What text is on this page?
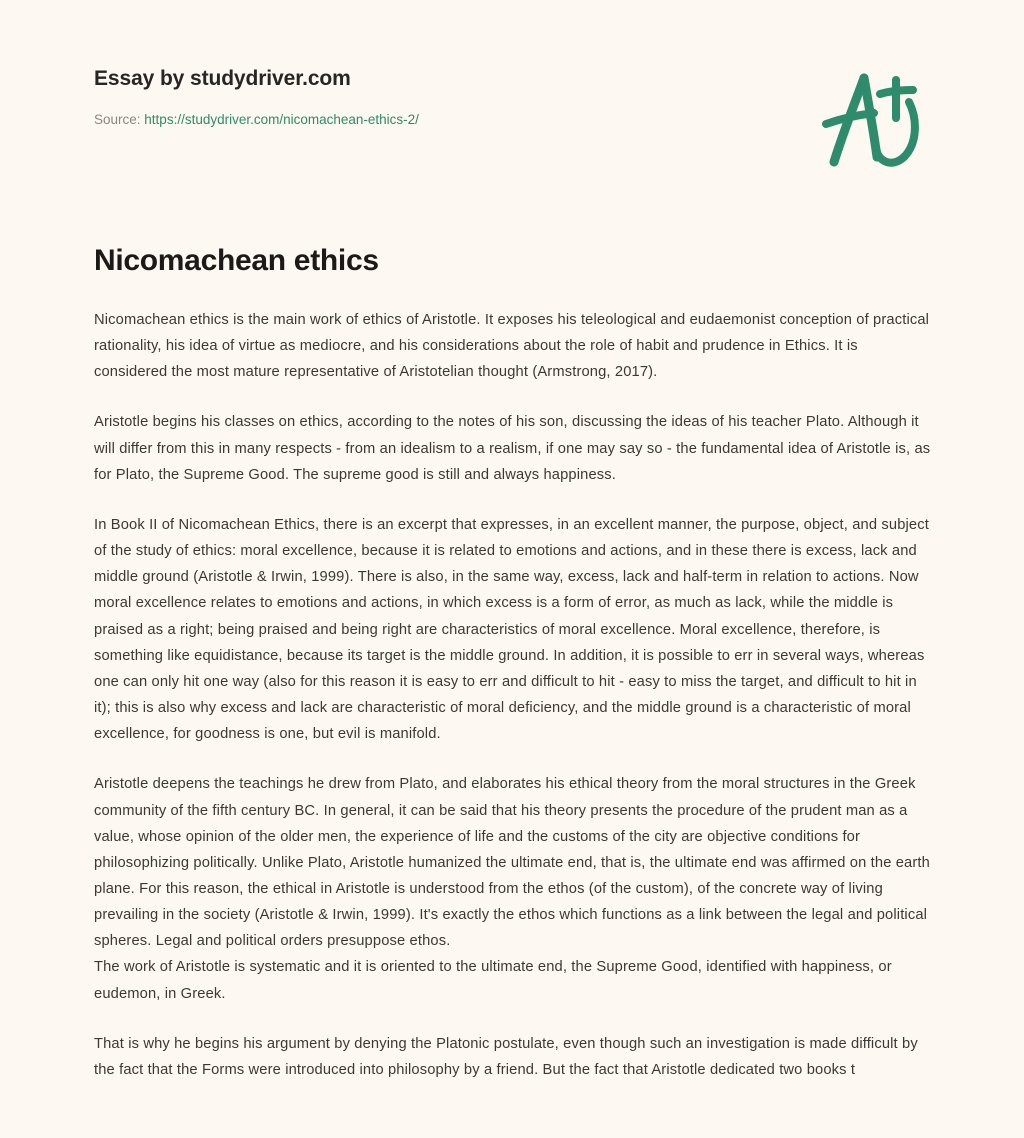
Essay by studydriver.com

Source: https://studydriver.com/nicomachean-ethics-2/

Nicomachean ethics

Nicomachean ethics is the main work of ethics of Aristotle. It exposes his teleological and eudaemonist conception of practical rationality, his idea of virtue as mediocre, and his considerations about the role of habit and prudence in Ethics. It is considered the most mature representative of Aristotelian thought (Armstrong, 2017).

Aristotle begins his classes on ethics, according to the notes of his son, discussing the ideas of his teacher Plato. Although it will differ from this in many respects - from an idealism to a realism, if one may say so - the fundamental idea of Aristotle is, as for Plato, the Supreme Good. The supreme good is still and always happiness.

In Book II of Nicomachean Ethics, there is an excerpt that expresses, in an excellent manner, the purpose, object, and subject of the study of ethics: moral excellence, because it is related to emotions and actions, and in these there is excess, lack and middle ground (Aristotle & Irwin, 1999). There is also, in the same way, excess, lack and half-term in relation to actions. Now moral excellence relates to emotions and actions, in which excess is a form of error, as much as lack, while the middle is praised as a right; being praised and being right are characteristics of moral excellence. Moral excellence, therefore, is something like equidistance, because its target is the middle ground. In addition, it is possible to err in several ways, whereas one can only hit one way (also for this reason it is easy to err and difficult to hit - easy to miss the target, and difficult to hit in it); this is also why excess and lack are characteristic of moral deficiency, and the middle ground is a characteristic of moral excellence, for goodness is one, but evil is manifold.

Aristotle deepens the teachings he drew from Plato, and elaborates his ethical theory from the moral structures in the Greek community of the fifth century BC. In general, it can be said that his theory presents the procedure of the prudent man as a value, whose opinion of the older men, the experience of life and the customs of the city are objective conditions for philosophizing politically. Unlike Plato, Aristotle humanized the ultimate end, that is, the ultimate end was affirmed on the earth plane. For this reason, the ethical in Aristotle is understood from the ethos (of the custom), of the concrete way of living prevailing in the society (Aristotle & Irwin, 1999). It's exactly the ethos which functions as a link between the legal and political spheres. Legal and political orders presuppose ethos.

The work of Aristotle is systematic and it is oriented to the ultimate end, the Supreme Good, identified with happiness, or eudemon, in Greek.

That is why he begins his argument by denying the Platonic postulate, even though such an investigation is made difficult by the fact that the Forms were introduced into philosophy by a friend. But the fact that Aristotle dedicated two books t
